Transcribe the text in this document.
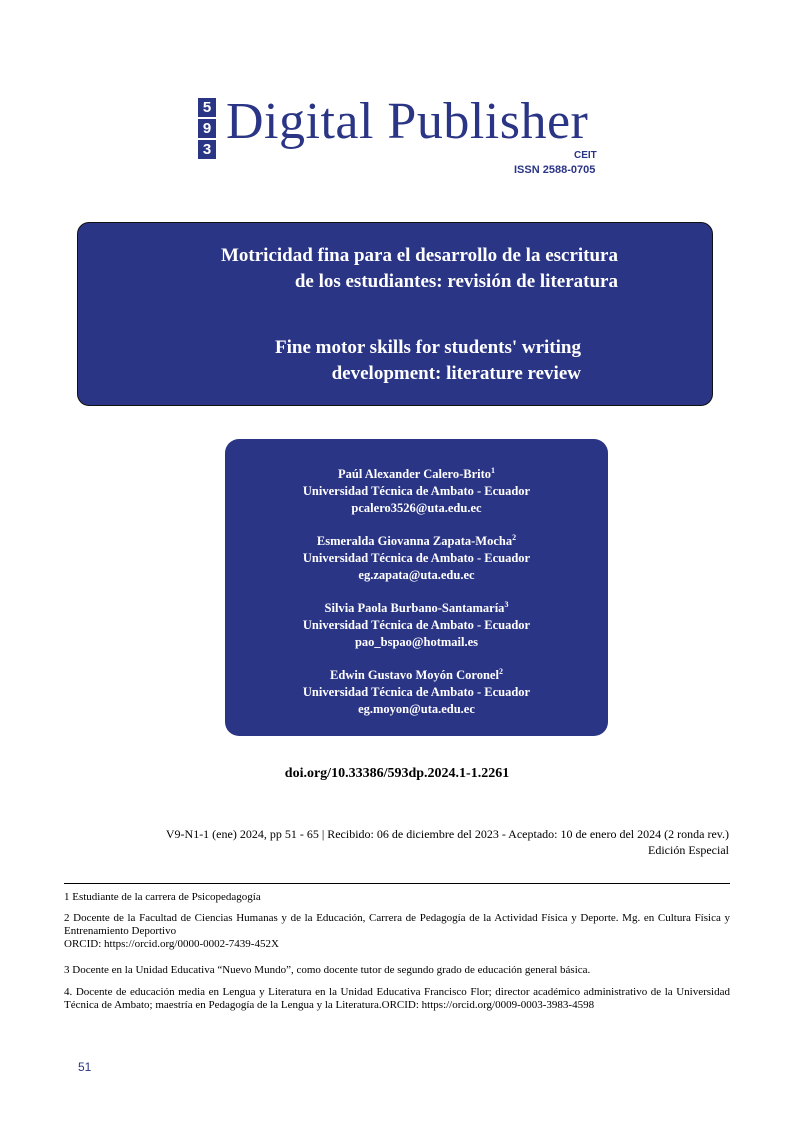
5
9
3 Digital Publisher
CEIT
ISSN 2588-0705
Motricidad fina para el desarrollo de la escritura
de los estudiantes: revisión de literatura
Fine motor skills for students' writing
development: literature review
Paúl Alexander Calero-Brito$^1$
Universidad Técnica de Ambato - Ecuador
pcalero3526@uta.edu.ec
Esmeralda Giovanna Zapata-Mocha$^2$
Universidad Técnica de Ambato - Ecuador
eg.zapata@uta.edu.ec
Silvia Paola Burbano-Santamaría$^3$
Universidad Técnica de Ambato - Ecuador
pao_bspao@hotmail.es
Edwin Gustavo Moyón Coronel$^2$
Universidad Técnica de Ambato - Ecuador
eg.moyon@uta.edu.ec
doi.org/10.33386/593dp.2024.1-1.2261
V9-N1-1 (ene) 2024, pp 51 - 65 | Recibido: 06 de diciembre del 2023 - Aceptado: 10 de enero del 2024 (2 ronda rev.)
Edición Especial
1 Estudiante de la carrera de Psicopedagogía
2 Docente de la Facultad de Ciencias Humanas y de la Educación, Carrera de Pedagogía de la Actividad Física y Deporte. Mg. en Cultura Física y Entrenamiento Deportivo
ORCID: https://orcid.org/0000-0002-7439-452X
3 Docente en la Unidad Educativa “Nuevo Mundo”, como docente tutor de segundo grado de educación general básica.
4. Docente de educación media en Lengua y Literatura en la Unidad Educativa Francisco Flor; director académico administrativo de la Universidad Técnica de Ambato; maestría en Pedagogía de la Lengua y la Literatura.ORCID: https://orcid.org/0009-0003-3983-4598
51
